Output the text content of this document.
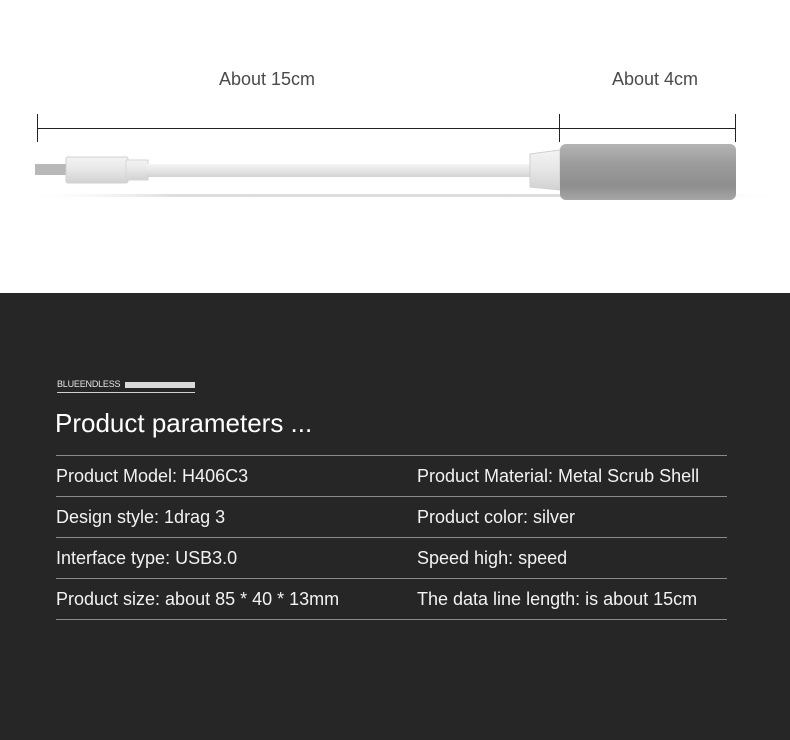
About 15cm	About 4cm
BLUEENDLESS
Product parameters ...
Product Model: H406C3	Product Material: Metal Scrub Shell
Design style: 1drag 3	Product color: silver
Interface type: USB3.0	Speed high: speed
Product size: about 85 * 40 * 13mm	The data line length: is about 15cm
